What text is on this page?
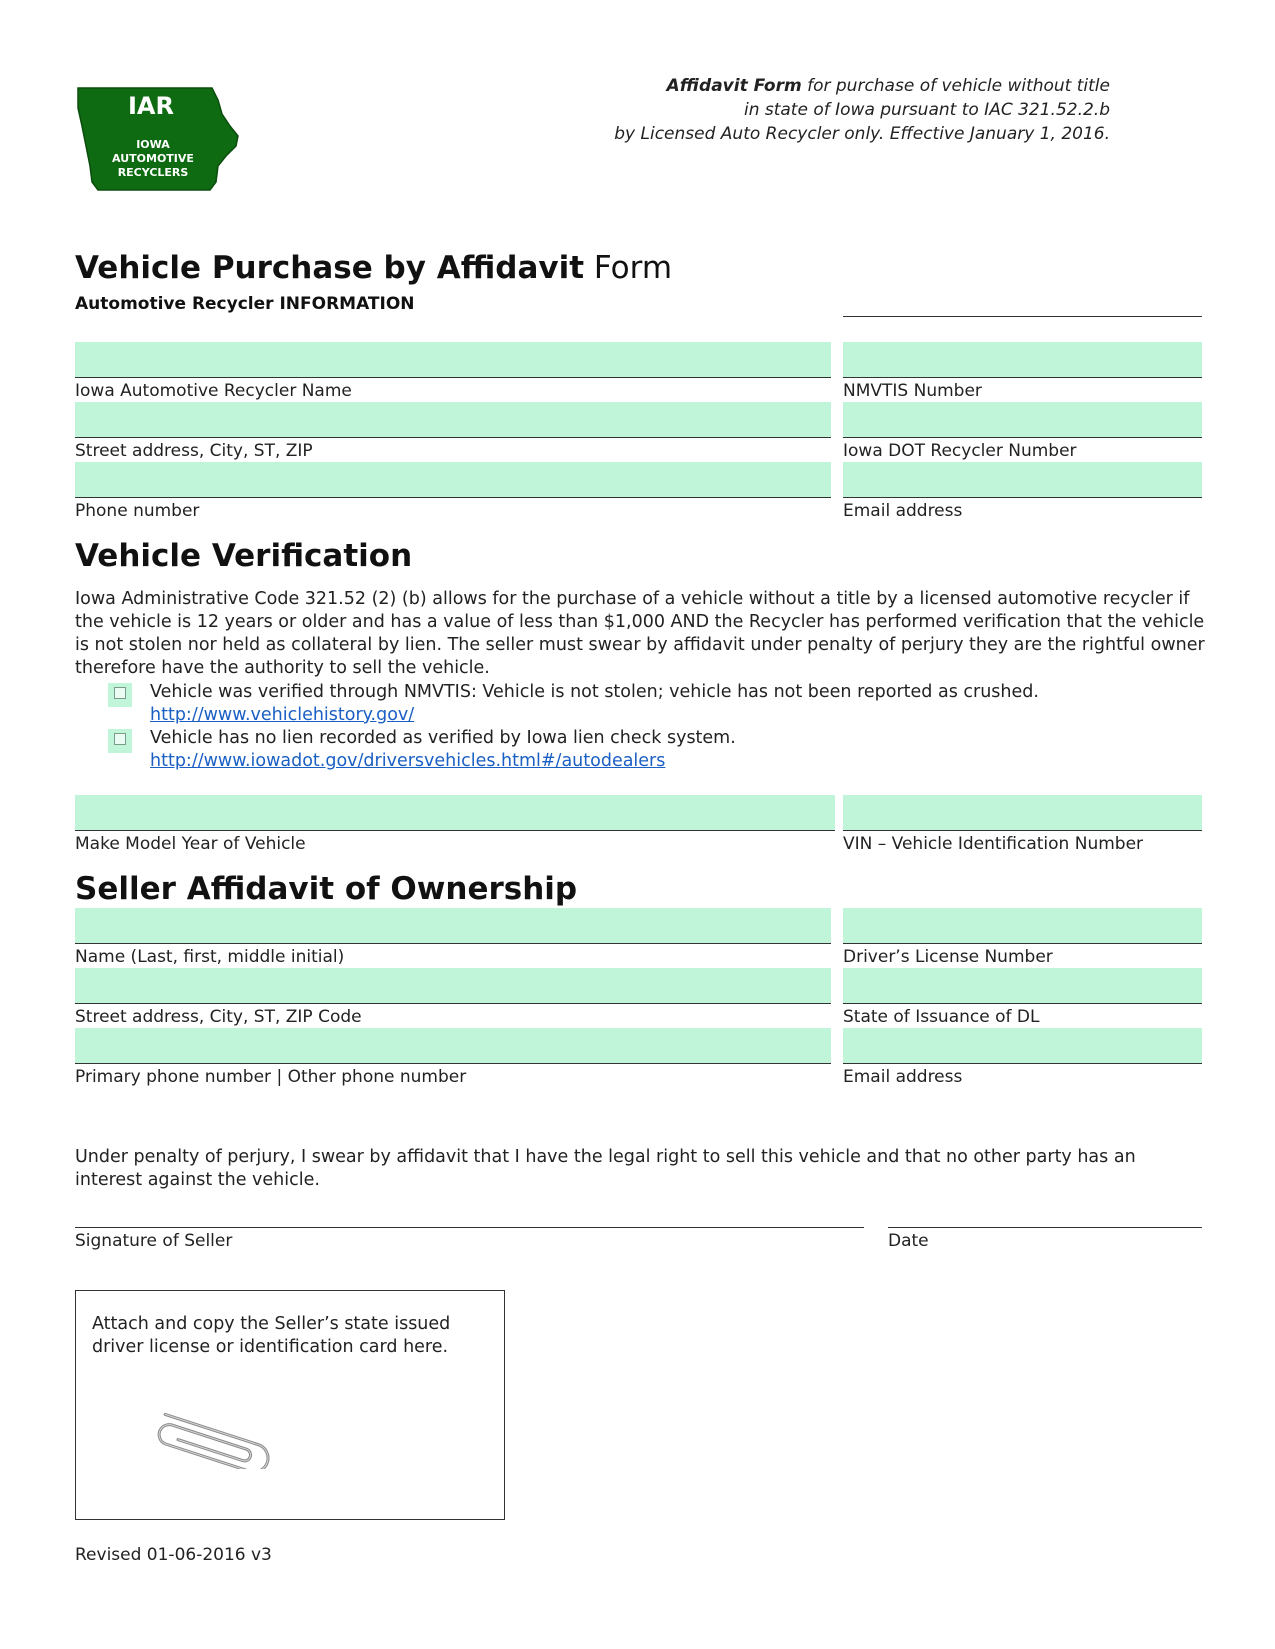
IAR
IOWA
AUTOMOTIVE
RECYCLERS
Affidavit Form for purchase of vehicle without title
in state of Iowa pursuant to IAC 321.52.2.b
by Licensed Auto Recycler only. Effective January 1, 2016.
Vehicle Purchase by Affidavit Form
Automotive Recycler INFORMATION
Iowa Automotive Recycler Name	NMVTIS Number
Street address, City, ST, ZIP	Iowa DOT Recycler Number
Phone number	Email address
Vehicle Verification
Iowa Administrative Code 321.52 (2) (b) allows for the purchase of a vehicle without a title by a licensed automotive recycler if the vehicle is 12 years or older and has a value of less than $1,000 AND the Recycler has performed verification that the vehicle is not stolen nor held as collateral by lien. The seller must swear by affidavit under penalty of perjury they are the rightful owner therefore have the authority to sell the vehicle.
Vehicle was verified through NMVTIS: Vehicle is not stolen; vehicle has not been reported as crushed.
http://www.vehiclehistory.gov/
Vehicle has no lien recorded as verified by Iowa lien check system.
http://www.iowadot.gov/driversvehicles.html#/autodealers
Make Model Year of Vehicle	VIN – Vehicle Identification Number
Seller Affidavit of Ownership
Name (Last, first, middle initial)	Driver’s License Number
Street address, City, ST, ZIP Code	State of Issuance of DL
Primary phone number | Other phone number	Email address
Under penalty of perjury, I swear by affidavit that I have the legal right to sell this vehicle and that no other party has an interest against the vehicle.
Signature of Seller	Date
Attach and copy the Seller’s state issued driver license or identification card here.
Revised 01-06-2016 v3
